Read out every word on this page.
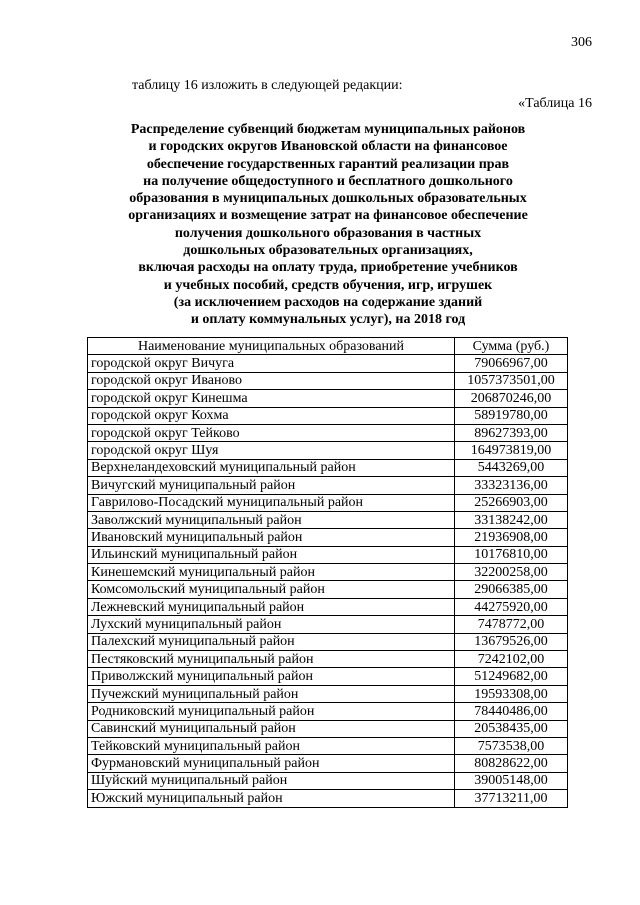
306
таблицу 16 изложить в следующей редакции:
«Таблица 16
Распределение субвенций бюджетам муниципальных районов
и городских округов Ивановской области на финансовое
обеспечение государственных гарантий реализации прав
на получение общедоступного и бесплатного дошкольного
образования в муниципальных дошкольных образовательных
организациях и возмещение затрат на финансовое обеспечение
получения дошкольного образования в частных
дошкольных образовательных организациях,
включая расходы на оплату труда, приобретение учебников
и учебных пособий, средств обучения, игр, игрушек
(за исключением расходов на содержание зданий
и оплату коммунальных услуг), на 2018 год
Наименование муниципальных образований	Сумма (руб.)
городской округ Вичуга	79066967,00
городской округ Иваново	1057373501,00
городской округ Кинешма	206870246,00
городской округ Кохма	58919780,00
городской округ Тейково	89627393,00
городской округ Шуя	164973819,00
Верхнеландеховский муниципальный район	5443269,00
Вичугский муниципальный район	33323136,00
Гаврилово-Посадский муниципальный район	25266903,00
Заволжский муниципальный район	33138242,00
Ивановский муниципальный район	21936908,00
Ильинский муниципальный район	10176810,00
Кинешемский муниципальный район	32200258,00
Комсомольский муниципальный район	29066385,00
Лежневский муниципальный район	44275920,00
Лухский муниципальный район	7478772,00
Палехский муниципальный район	13679526,00
Пестяковский муниципальный район	7242102,00
Приволжский муниципальный район	51249682,00
Пучежский муниципальный район	19593308,00
Родниковский муниципальный район	78440486,00
Савинский муниципальный район	20538435,00
Тейковский муниципальный район	7573538,00
Фурмановский муниципальный район	80828622,00
Шуйский муниципальный район	39005148,00
Южский муниципальный район	37713211,00
